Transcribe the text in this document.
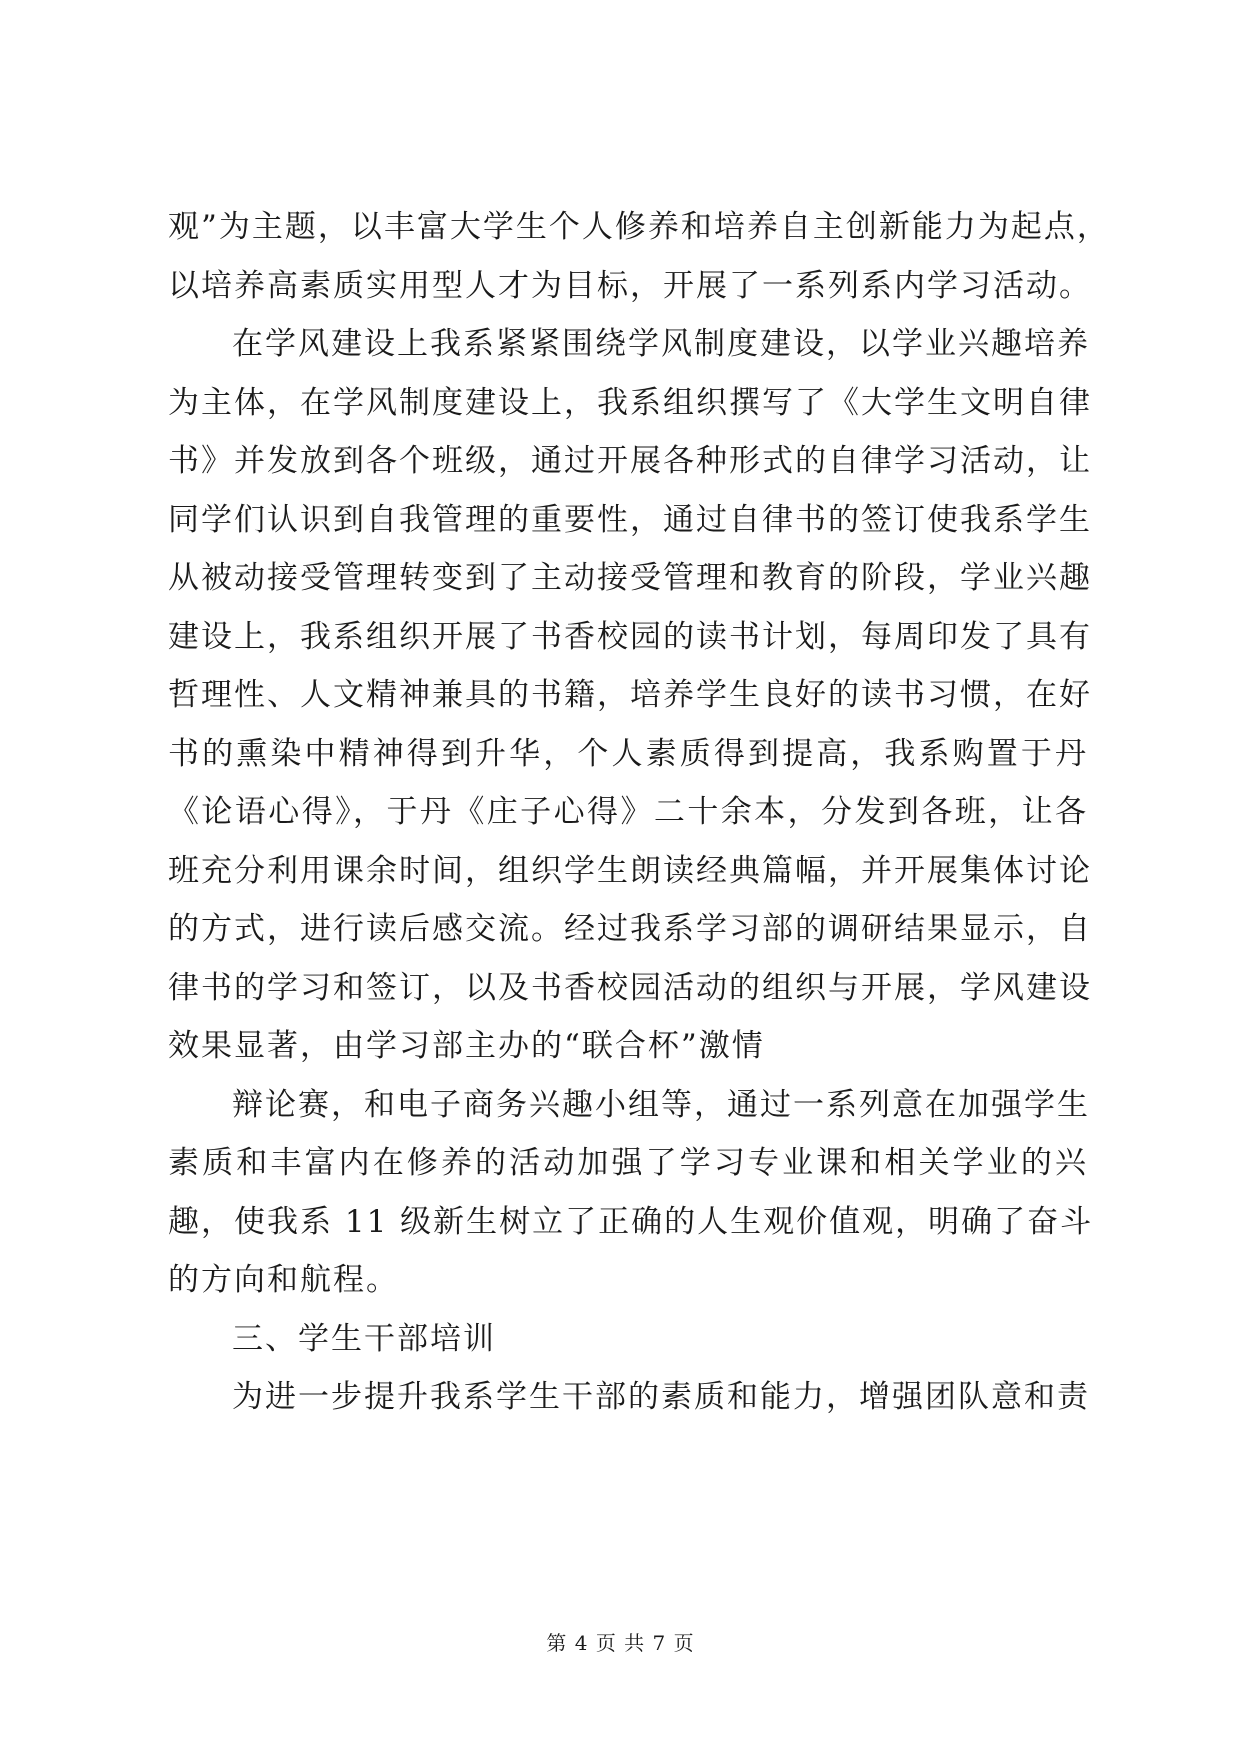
观”为主题，以丰富大学生个人修养和培养自主创新能力为起点，
以培养高素质实用型人才为目标，开展了一系列系内学习活动。
在学风建设上我系紧紧围绕学风制度建设，以学业兴趣培养
为主体，在学风制度建设上，我系组织撰写了《大学生文明自律
书》并发放到各个班级，通过开展各种形式的自律学习活动，让
同学们认识到自我管理的重要性，通过自律书的签订使我系学生
从被动接受管理转变到了主动接受管理和教育的阶段，学业兴趣
建设上，我系组织开展了书香校园的读书计划，每周印发了具有
哲理性、人文精神兼具的书籍，培养学生良好的读书习惯，在好
书的熏染中精神得到升华，个人素质得到提高，我系购置于丹
《论语心得》，于丹《庄子心得》二十余本，分发到各班，让各
班充分利用课余时间，组织学生朗读经典篇幅，并开展集体讨论
的方式，进行读后感交流。经过我系学习部的调研结果显示，自
律书的学习和签订，以及书香校园活动的组织与开展，学风建设
效果显著，由学习部主办的“联合杯”激情
辩论赛，和电子商务兴趣小组等，通过一系列意在加强学生
素质和丰富内在修养的活动加强了学习专业课和相关学业的兴
趣，使我系 11 级新生树立了正确的人生观价值观，明确了奋斗
的方向和航程。
三、学生干部培训
为进一步提升我系学生干部的素质和能力，增强团队意和责
第 4 页 共 7 页
